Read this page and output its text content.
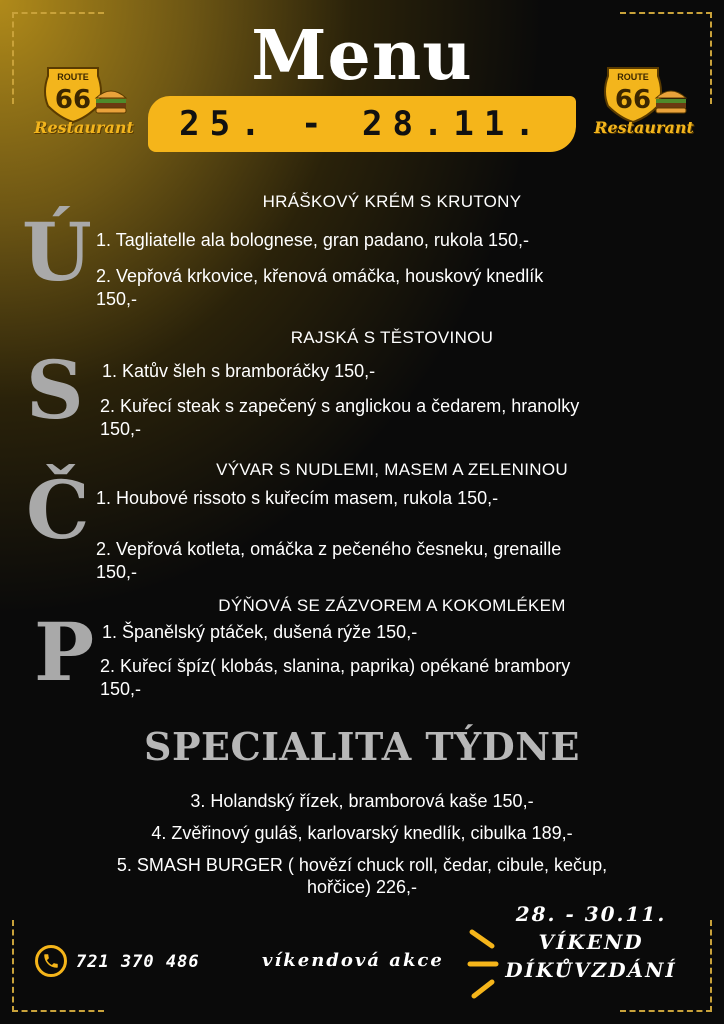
Menu
ROUTE
66
Restaurant
ROUTE
66
Restaurant
25. - 28.11.
Ú
HRÁŠKOVÝ KRÉM S KRUTONY
1. Tagliatelle ala bolognese, gran padano, rukola 150,-
2. Vepřová krkovice, křenová omáčka, houskový knedlík
150,-
S
RAJSKÁ S TĚSTOVINOU
1. Katův šleh s bramboráčky 150,-
2. Kuřecí steak s zapečený s anglickou a čedarem, hranolky
150,-
Č	VÝVAR S NUDLEMI, MASEM A ZELENINOU
1. Houbové rissoto s kuřecím masem, rukola 150,-
2. Vepřová kotleta, omáčka z pečeného česneku, grenaille
150,-
P	DÝŇOVÁ SE ZÁZVOREM A KOKOMLÉKEM
1. Španělský ptáček, dušená rýže 150,-
2. Kuřecí špíz( klobás, slanina, paprika) opékané brambory
150,-
SPECIALITA TÝDNE
3. Holandský řízek, bramborová kaše 150,-
4. Zvěřinový guláš, karlovarský knedlík, cibulka 189,-
5. SMASH BURGER ( hovězí chuck roll, čedar, cibule, kečup,
hořčice) 226,-
721 370 486	víkendová akce
28. - 30.11.
VÍKEND
DÍKŮVZDÁNÍ
